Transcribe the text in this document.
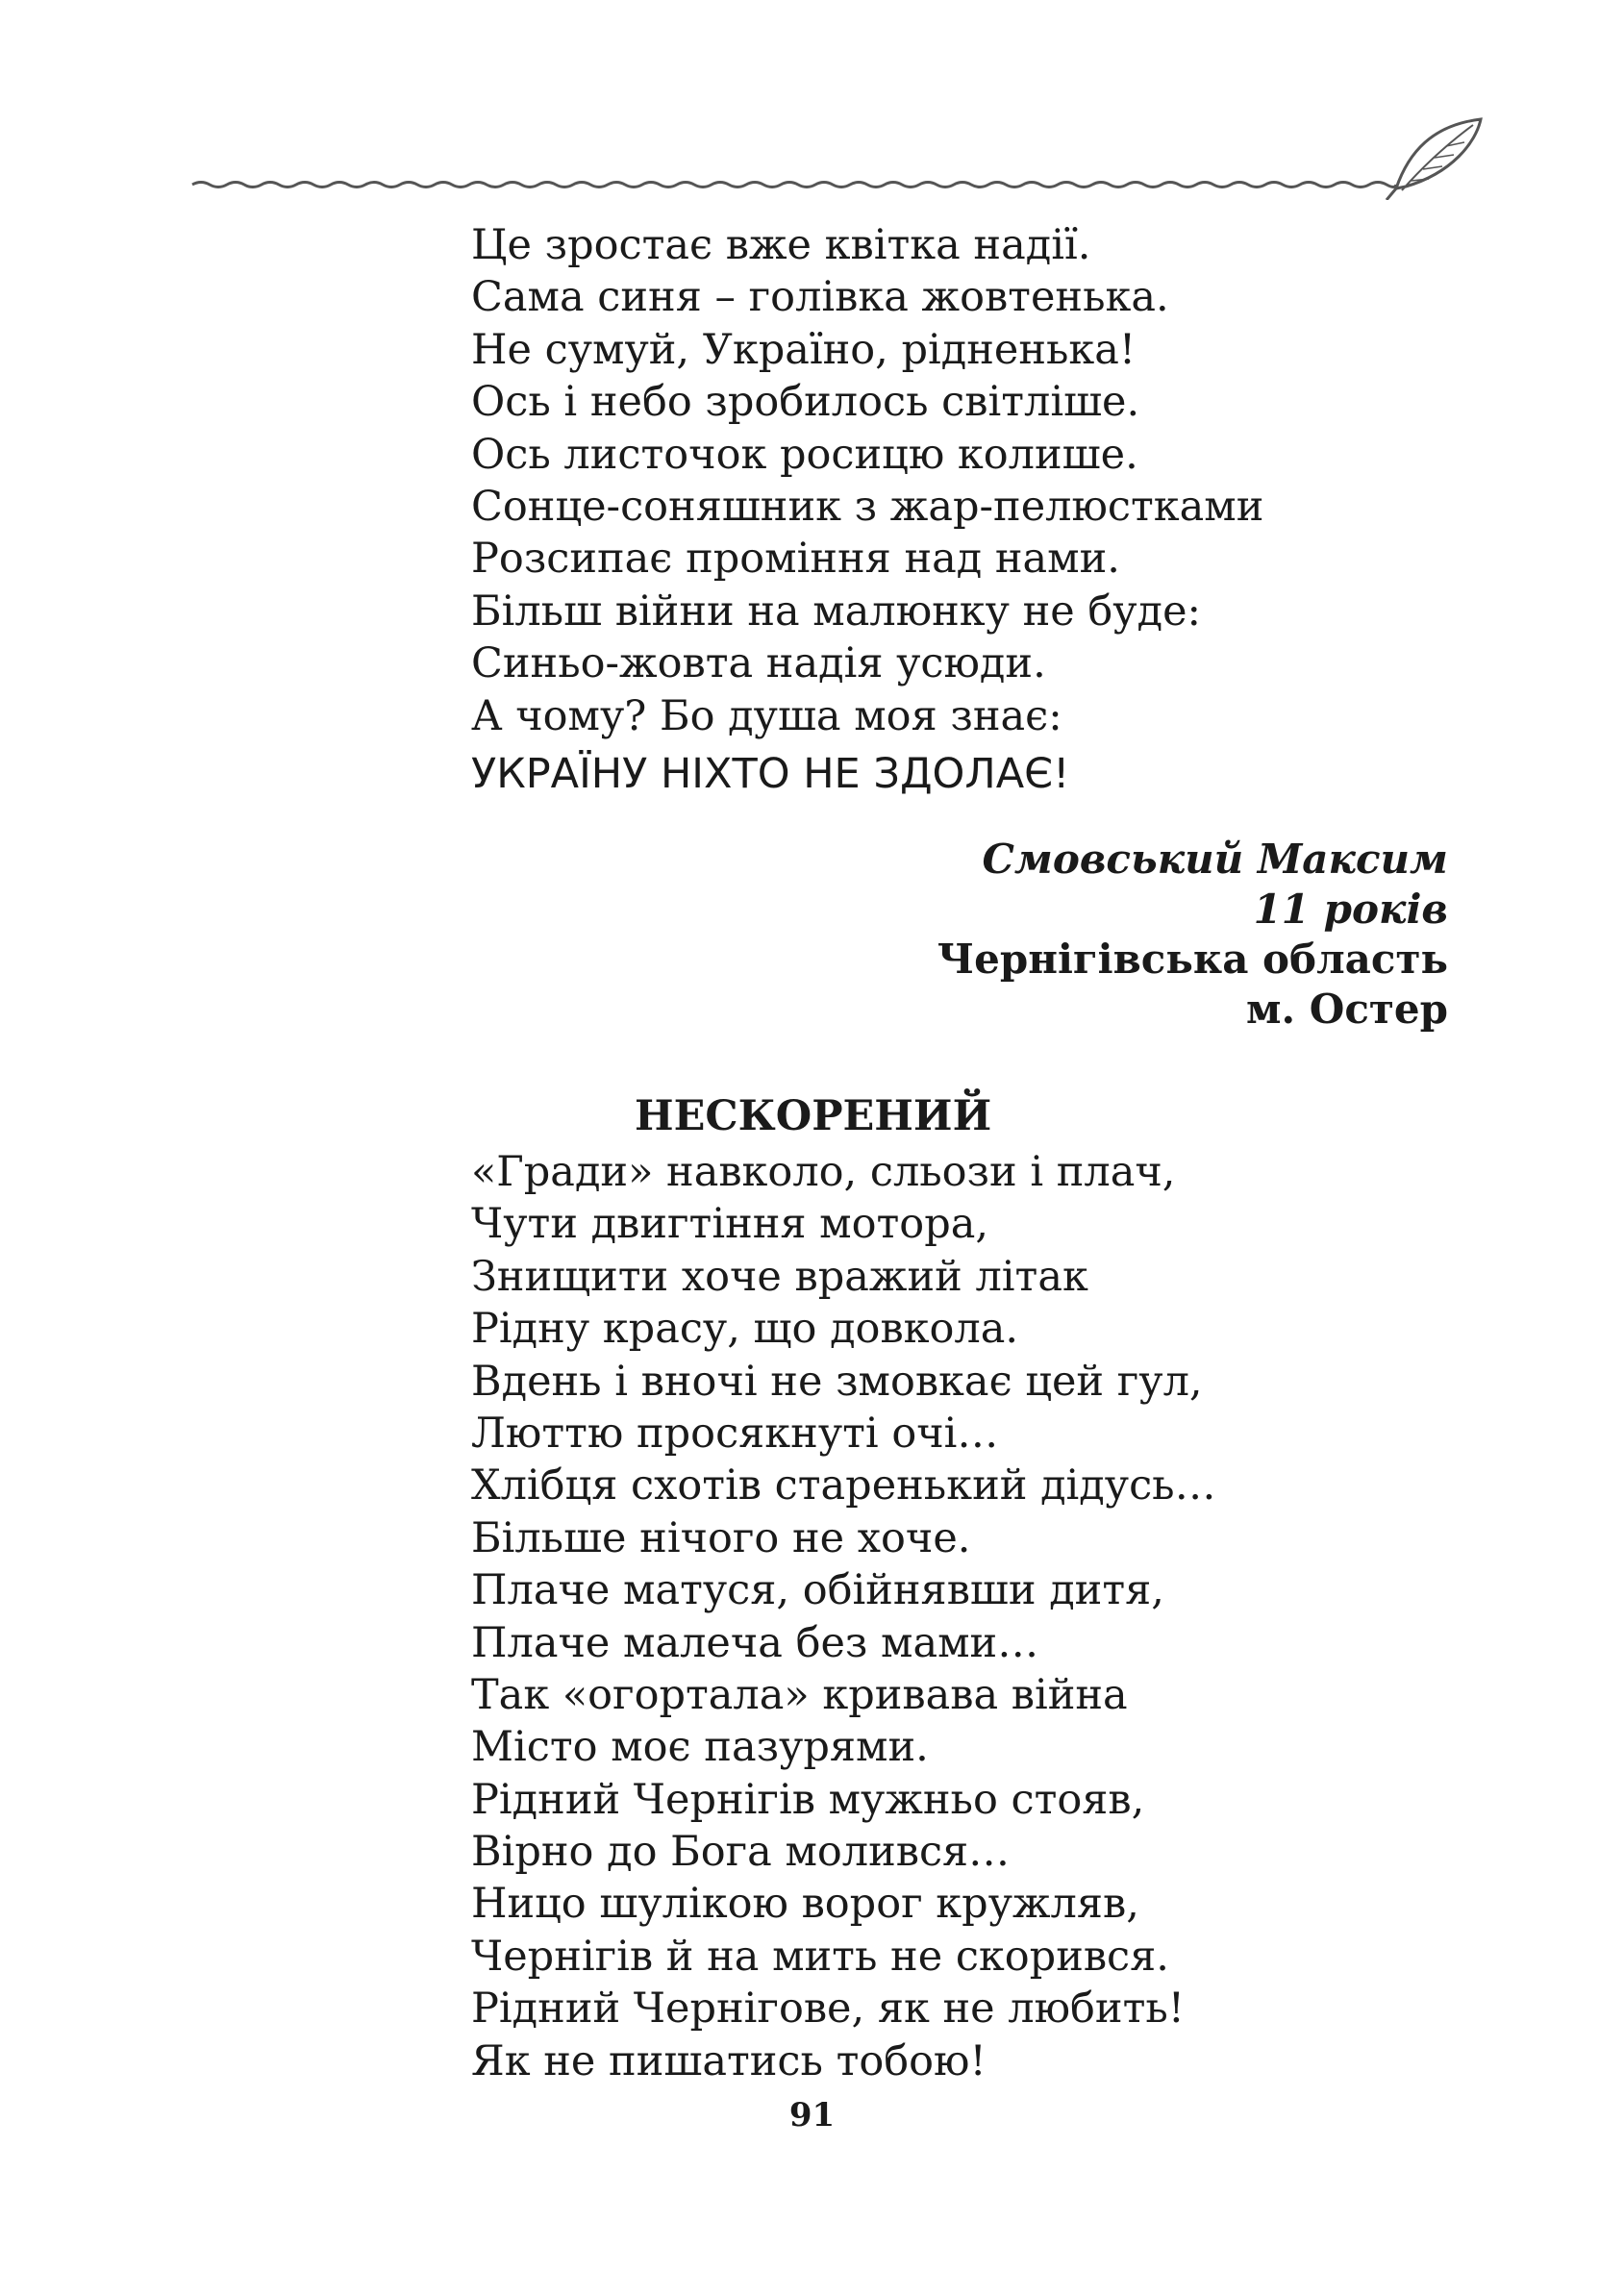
Це зростає вже квітка надії.
Сама синя – голівка жовтенька.
Не сумуй, Україно, рідненька!
Ось і небо зробилось світліше.
Ось листочок росицю колише.
Сонце-соняшник з жар-пелюстками
Розсипає проміння над нами.
Більш війни на малюнку не буде:
Синьо-жовта надія усюди.
А чому? Бо душа моя знає:
УКРАЇНУ НІХТО НЕ ЗДОЛАЄ!
Смовський Максим
11 років
Чернігівська область
м. Остер
НЕСКОРЕНИЙ
«Гради» навколо, сльози і плач,
Чути двигтіння мотора,
Знищити хоче вражий літак
Рідну красу, що довкола.
Вдень і вночі не змовкає цей гул,
Люттю просякнуті очі…
Хлібця схотів старенький дідусь…
Більше нічого не хоче.
Плаче матуся, обійнявши дитя,
Плаче малеча без мами…
Так «огортала» кривава війна
Місто моє пазурями.
Рідний Чернігів мужньо стояв,
Вірно до Бога молився…
Ницо шулікою ворог кружляв,
Чернігів й на мить не скорився.
Рідний Чернігове, як не любить!
Як не пишатись тобою!
91
